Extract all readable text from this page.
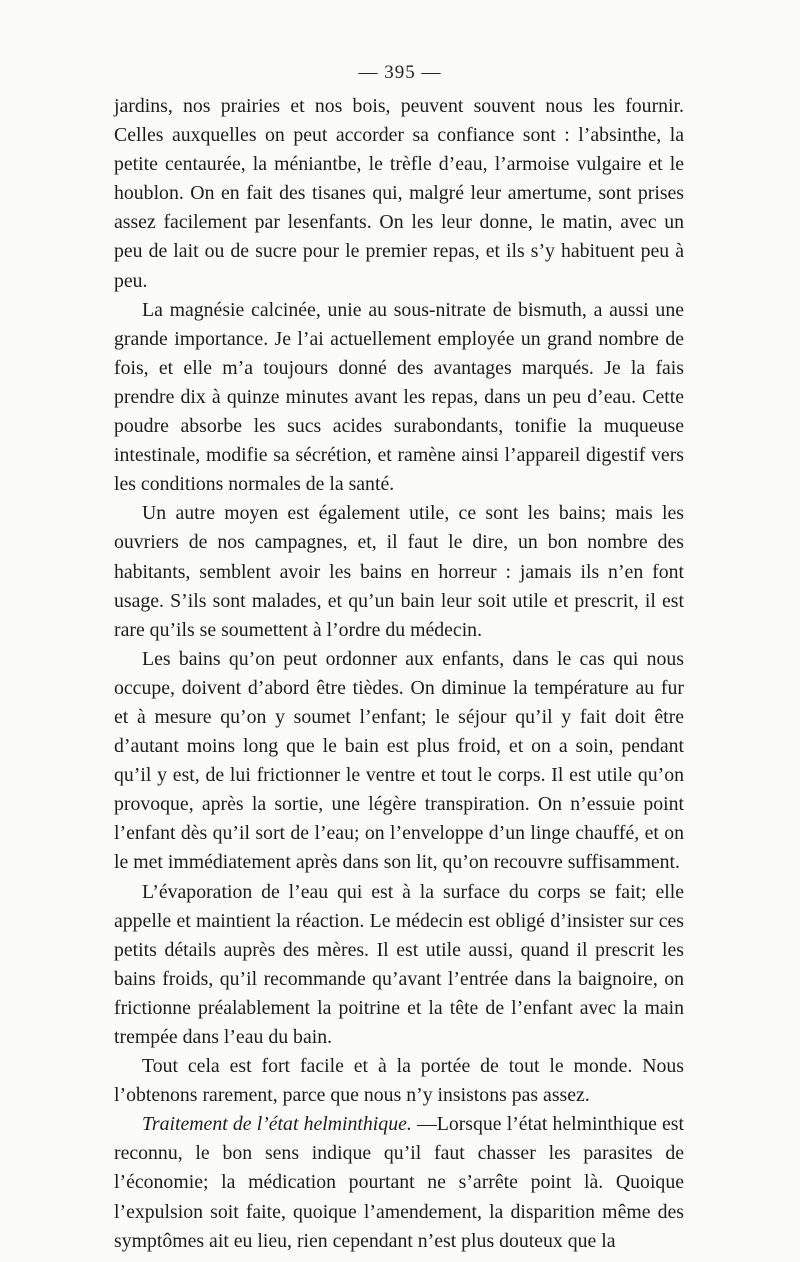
— 395 —

jardins, nos prairies et nos bois, peuvent souvent nous les fournir. Celles auxquelles on peut accorder sa confiance sont : l’absinthe, la petite centaurée, la méniantbe, le trèfle d’eau, l’armoise vulgaire et le houblon. On en fait des tisanes qui, malgré leur amertume, sont prises assez facilement par lesenfants. On les leur donne, le matin, avec un peu de lait ou de sucre pour le premier repas, et ils s’y habituent peu à peu.

La magnésie calcinée, unie au sous-nitrate de bismuth, a aussi une grande importance. Je l’ai actuellement employée un grand nombre de fois, et elle m’a toujours donné des avantages marqués. Je la fais prendre dix à quinze minutes avant les repas, dans un peu d’eau. Cette poudre absorbe les sucs acides surabondants, tonifie la muqueuse intestinale, modifie sa sécrétion, et ramène ainsi l’appareil digestif vers les conditions normales de la santé.

Un autre moyen est également utile, ce sont les bains; mais les ouvriers de nos campagnes, et, il faut le dire, un bon nombre des habitants, semblent avoir les bains en horreur : jamais ils n’en font usage. S’ils sont malades, et qu’un bain leur soit utile et prescrit, il est rare qu’ils se soumettent à l’ordre du médecin.

Les bains qu’on peut ordonner aux enfants, dans le cas qui nous occupe, doivent d’abord être tièdes. On diminue la température au fur et à mesure qu’on y soumet l’enfant; le séjour qu’il y fait doit être d’autant moins long que le bain est plus froid, et on a soin, pendant qu’il y est, de lui frictionner le ventre et tout le corps. Il est utile qu’on provoque, après la sortie, une légère transpiration. On n’essuie point l’enfant dès qu’il sort de l’eau; on l’enveloppe d’un linge chauffé, et on le met immédiatement après dans son lit, qu’on recouvre suffisamment.

L’évaporation de l’eau qui est à la surface du corps se fait; elle appelle et maintient la réaction. Le médecin est obligé d’insister sur ces petits détails auprès des mères. Il est utile aussi, quand il prescrit les bains froids, qu’il recommande qu’avant l’entrée dans la baignoire, on frictionne préalablement la poitrine et la tête de l’enfant avec la main trempée dans l’eau du bain.

Tout cela est fort facile et à la portée de tout le monde. Nous l’obtenons rarement, parce que nous n’y insistons pas assez.

Traitement de l’état helminthique. —Lorsque l’état helminthique est reconnu, le bon sens indique qu’il faut chasser les parasites de l’économie; la médication pourtant ne s’arrête point là. Quoique l’expulsion soit faite, quoique l’amendement, la disparition même des symptômes ait eu lieu, rien cependant n’est plus douteux que la
